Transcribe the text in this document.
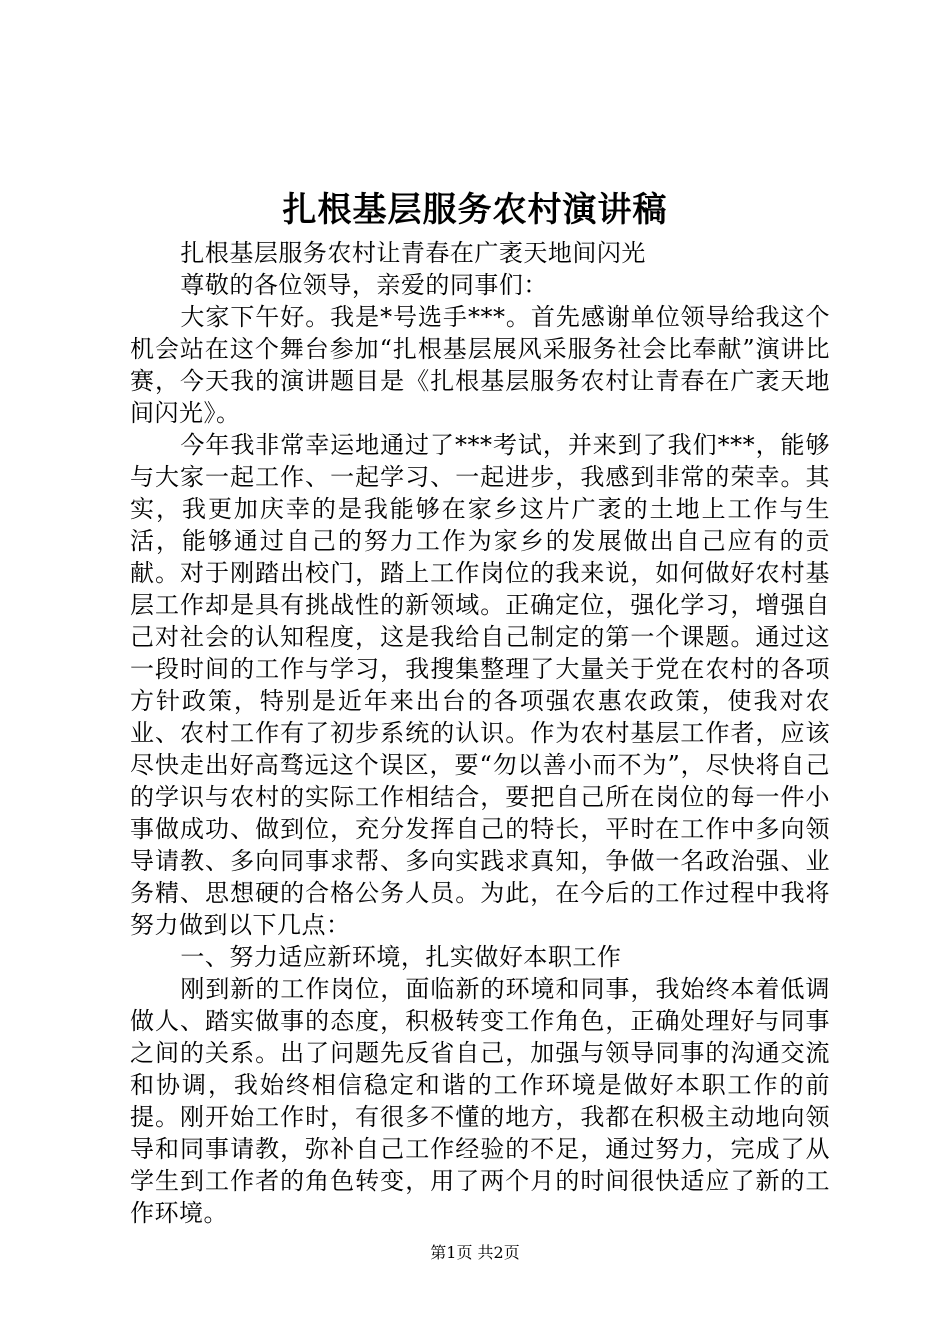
扎根基层服务农村演讲稿

扎根基层服务农村让青春在广袤天地间闪光

尊敬的各位领导，亲爱的同事们：

大家下午好。我是*号选手***。首先感谢单位领导给我这个机会站在这个舞台参加“扎根基层展风采服务社会比奉献”演讲比赛，今天我的演讲题目是《扎根基层服务农村让青春在广袤天地间闪光》。

今年我非常幸运地通过了***考试，并来到了我们***，能够与大家一起工作、一起学习、一起进步，我感到非常的荣幸。其实，我更加庆幸的是我能够在家乡这片广袤的土地上工作与生活，能够通过自己的努力工作为家乡的发展做出自己应有的贡献。对于刚踏出校门，踏上工作岗位的我来说，如何做好农村基层工作却是具有挑战性的新领域。正确定位，强化学习，增强自己对社会的认知程度，这是我给自己制定的第一个课题。通过这一段时间的工作与学习，我搜集整理了大量关于党在农村的各项方针政策，特别是近年来出台的各项强农惠农政策，使我对农业、农村工作有了初步系统的认识。作为农村基层工作者，应该尽快走出好高骛远这个误区，要“勿以善小而不为”，尽快将自己的学识与农村的实际工作相结合，要把自己所在岗位的每一件小事做成功、做到位，充分发挥自己的特长，平时在工作中多向领导请教、多向同事求帮、多向实践求真知，争做一名政治强、业务精、思想硬的合格公务人员。为此，在今后的工作过程中我将努力做到以下几点：

一、努力适应新环境，扎实做好本职工作

刚到新的工作岗位，面临新的环境和同事，我始终本着低调做人、踏实做事的态度，积极转变工作角色，正确处理好与同事之间的关系。出了问题先反省自己，加强与领导同事的沟通交流和协调，我始终相信稳定和谐的工作环境是做好本职工作的前提。刚开始工作时，有很多不懂的地方，我都在积极主动地向领导和同事请教，弥补自己工作经验的不足，通过努力，完成了从学生到工作者的角色转变，用了两个月的时间很快适应了新的工作环境。

第1页 共2页
